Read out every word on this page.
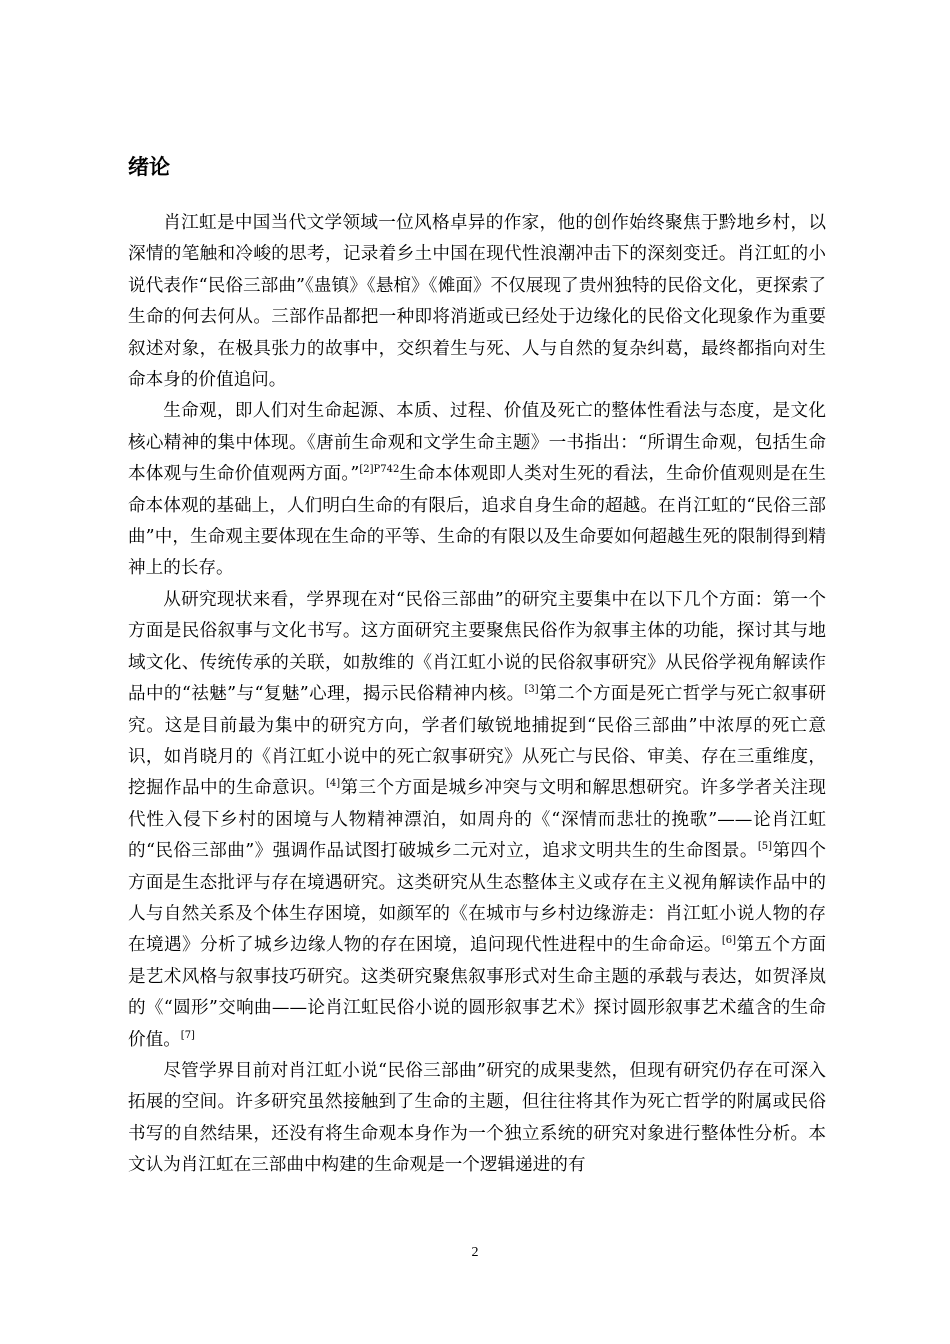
绪论

肖江虹是中国当代文学领域一位风格卓异的作家，他的创作始终聚焦于黔地乡村，以深情的笔触和冷峻的思考，记录着乡土中国在现代性浪潮冲击下的深刻变迁。肖江虹的小说代表作“民俗三部曲”《蛊镇》《悬棺》《傩面》不仅展现了贵州独特的民俗文化，更探索了生命的何去何从。三部作品都把一种即将消逝或已经处于边缘化的民俗文化现象作为重要叙述对象，在极具张力的故事中，交织着生与死、人与自然的复杂纠葛，最终都指向对生命本身的价值追问。

生命观，即人们对生命起源、本质、过程、价值及死亡的整体性看法与态度，是文化核心精神的集中体现。《唐前生命观和文学生命主题》一书指出：“所谓生命观，包括生命本体观与生命价值观两方面。”$^{[2]P742}$生命本体观即人类对生死的看法，生命价值观则是在生命本体观的基础上，人们明白生命的有限后，追求自身生命的超越。在肖江虹的“民俗三部曲”中，生命观主要体现在生命的平等、生命的有限以及生命要如何超越生死的限制得到精神上的长存。

从研究现状来看，学界现在对“民俗三部曲”的研究主要集中在以下几个方面：第一个方面是民俗叙事与文化书写。这方面研究主要聚焦民俗作为叙事主体的功能，探讨其与地域文化、传统传承的关联，如敖维的《肖江虹小说的民俗叙事研究》从民俗学视角解读作品中的“祛魅”与“复魅”心理，揭示民俗精神内核。[3]第二个方面是死亡哲学与死亡叙事研究。这是目前最为集中的研究方向，学者们敏锐地捕捉到“民俗三部曲”中浓厚的死亡意识，如肖晓月的《肖江虹小说中的死亡叙事研究》从死亡与民俗、审美、存在三重维度，挖掘作品中的生命意识。[4]第三个方面是城乡冲突与文明和解思想研究。许多学者关注现代性入侵下乡村的困境与人物精神漂泊，如周舟的《“深情而悲壮的挽歌”——论肖江虹的“民俗三部曲”》强调作品试图打破城乡二元对立，追求文明共生的生命图景。[5]第四个方面是生态批评与存在境遇研究。这类研究从生态整体主义或存在主义视角解读作品中的人与自然关系及个体生存困境，如颜军的《在城市与乡村边缘游走：肖江虹小说人物的存在境遇》分析了城乡边缘人物的存在困境，追问现代性进程中的生命命运。[6]第五个方面是艺术风格与叙事技巧研究。这类研究聚焦叙事形式对生命主题的承载与表达，如贺泽岚的《“圆形”交响曲——论肖江虹民俗小说的圆形叙事艺术》探讨圆形叙事艺术蕴含的生命价值。[7]

尽管学界目前对肖江虹小说“民俗三部曲”研究的成果斐然，但现有研究仍存在可深入拓展的空间。许多研究虽然接触到了生命的主题，但往往将其作为死亡哲学的附属或民俗书写的自然结果，还没有将生命观本身作为一个独立系统的研究对象进行整体性分析。本文认为肖江虹在三部曲中构建的生命观是一个逻辑递进的有

2
